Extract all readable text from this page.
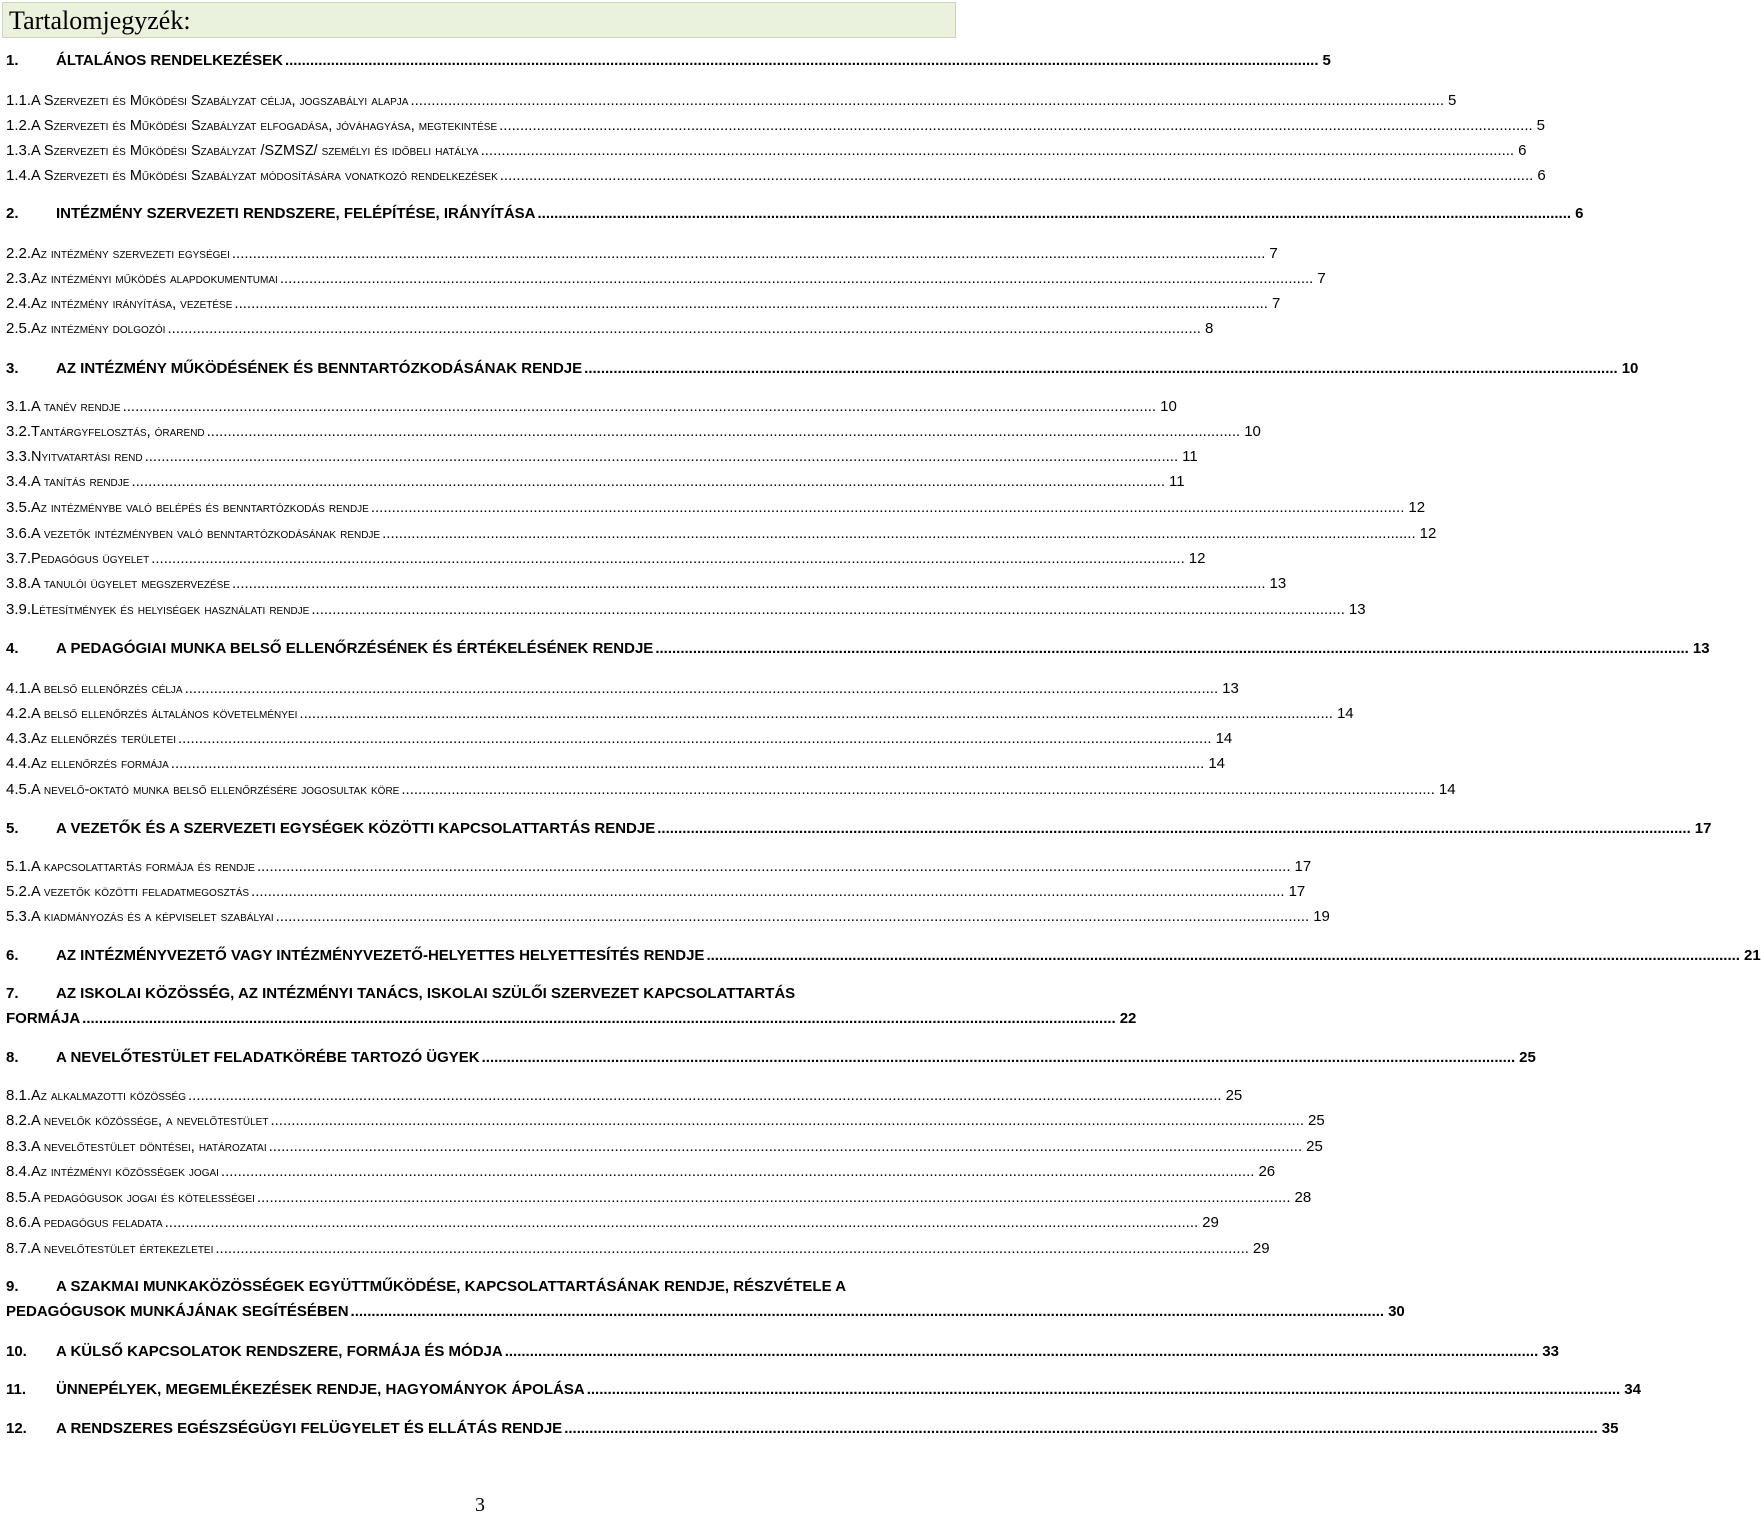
Tartalomjegyzék:
1.	ÁLTALÁNOS RENDELKEZÉSEK .....	5
1.1. A Szervezeti és Működési Szabályzat célja, jogszabályi alapja .....	5
1.2. A Szervezeti és Működési Szabályzat elfogadása, jóváhagyása, megtekintése .....	5
1.3. A Szervezeti és Működési Szabályzat /SZMSZ/ személyi és időbeli hatálya .....	6
1.4. A Szervezeti és Működési Szabályzat módosítására vonatkozó rendelkezések .....	6
2.	INTÉZMÉNY SZERVEZETI RENDSZERE, FELÉPÍTÉSE, IRÁNYÍTÁSA .....	6
2.2. Az intézmény szervezeti egységei .....	7
2.3. Az intézményi működés alapdokumentumai .....	7
2.4. Az intézmény irányítása, vezetése .....	7
2.5. Az intézmény dolgozói .....	8
3.	AZ INTÉZMÉNY MŰKÖDÉSÉNEK ÉS BENNTARTÓZKODÁSÁNAK RENDJE .....	10
3.1. A tanév rendje .....	10
3.2. Tantárgyfelosztás, órarend .....	10
3.3. Nyitvatartási rend .....	11
3.4. A tanítás rendje .....	11
3.5. Az intézménybe való belépés és benntartózkodás rendje .....	12
3.6. A vezetők intézményben való benntartózkodásának rendje .....	12
3.7. Pedagógus ügyelet .....	12
3.8. A tanulói ügyelet megszervezése .....	13
3.9. Létesítmények és helyiségek használati rendje .....	13
4.	A PEDAGÓGIAI MUNKA BELSŐ ELLENŐRZÉSÉNEK ÉS ÉRTÉKELÉSÉNEK RENDJE .....	13
4.1. A belső ellenőrzés célja .....	13
4.2. A belső ellenőrzés általános követelményei .....	14
4.3. Az ellenőrzés területei .....	14
4.4. Az ellenőrzés formája .....	14
4.5. A nevelő-oktató munka belső ellenőrzésére jogosultak köre .....	14
5.	A VEZETŐK ÉS A SZERVEZETI EGYSÉGEK KÖZÖTTI KAPCSOLATTARTÁS RENDJE .....	17
5.1. A kapcsolattartás formája és rendje .....	17
5.2. A vezetők közötti feladatmegosztás .....	17
5.3. A kiadmányozás és a képviselet szabályai .....	19
6.	AZ INTÉZMÉNYVEZETŐ VAGY INTÉZMÉNYVEZETŐ-HELYETTES HELYETTESÍTÉS RENDJE .....	21
7.	AZ ISKOLAI KÖZÖSSÉG, AZ INTÉZMÉNYI TANÁCS, ISKOLAI SZÜLŐI SZERVEZET KAPCSOLATTARTÁS
FORMÁJA .....	22
8.	A NEVELŐTESTÜLET FELADATKÖRÉBE TARTOZÓ ÜGYEK .....	25
8.1. Az alkalmazotti közösség .....	25
8.2. A nevelők közössége, a nevelőtestület .....	25
8.3. A nevelőtestület döntései, határozatai .....	25
8.4. Az intézményi közösségek jogai .....	26
8.5. A pedagógusok jogai és kötelességei .....	28
8.6. A pedagógus feladata .....	29
8.7. A nevelőtestület értekezletei .....	29
9.	A SZAKMAI MUNKAKÖZÖSSÉGEK EGYÜTTMŰKÖDÉSE, KAPCSOLATTARTÁSÁNAK RENDJE, RÉSZVÉTELE A
PEDAGÓGUSOK MUNKÁJÁNAK SEGÍTÉSÉBEN .....	30
10.	A KÜLSŐ KAPCSOLATOK RENDSZERE, FORMÁJA ÉS MÓDJA .....	33
11.	ÜNNEPÉLYEK, MEGEMLÉKEZÉSEK RENDJE, HAGYOMÁNYOK ÁPOLÁSA .....	34
12.	A RENDSZERES EGÉSZSÉGÜGYI FELÜGYELET ÉS ELLÁTÁS RENDJE .....	35
3
